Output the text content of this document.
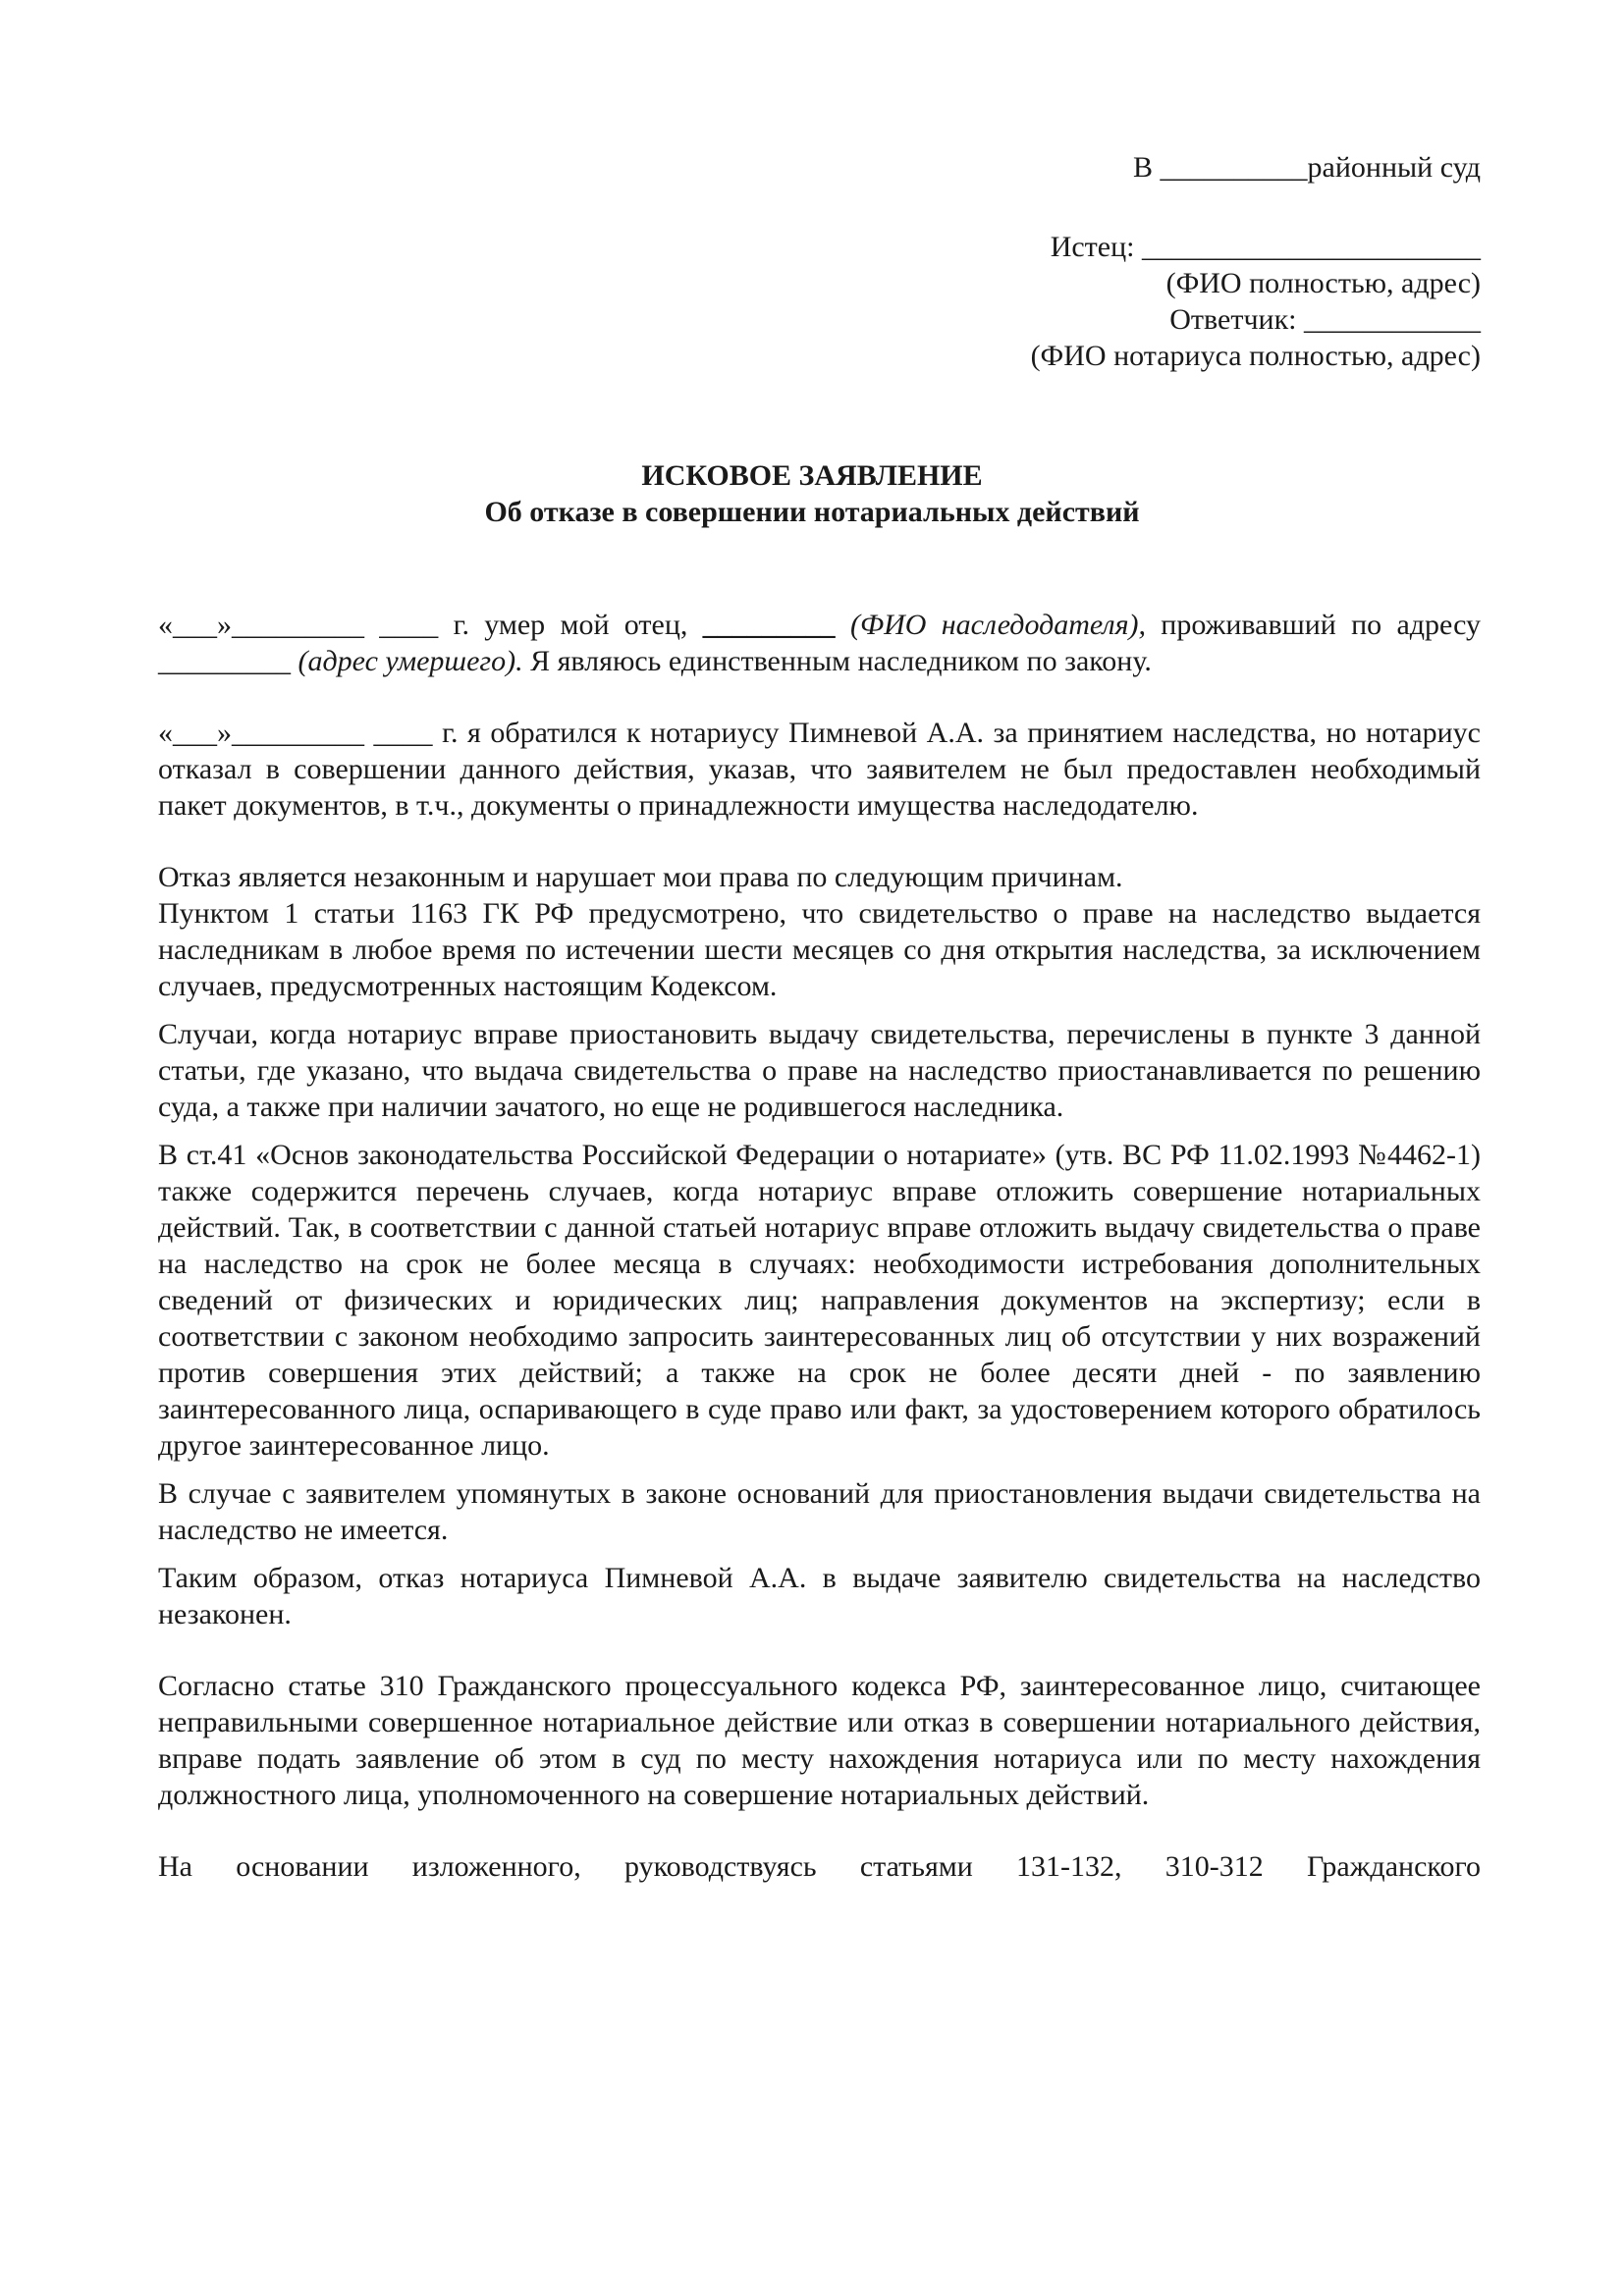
В __________районный суд
Истец: _______________________
(ФИО полностью, адрес)
Ответчик: ____________
(ФИО нотариуса полностью, адрес)
ИСКОВОЕ ЗАЯВЛЕНИЕ
Об отказе в совершении нотариальных действий

«___»_________ ____ г. умер мой отец, _________ (ФИО наследодателя), проживавший по адресу _________ (адрес умершего). Я являюсь единственным наследником по закону.

«___»_________ ____ г. я обратился к нотариусу Пимневой А.А. за принятием наследства, но нотариус отказал в совершении данного действия, указав, что заявителем не был предоставлен необходимый пакет документов, в т.ч., документы о принадлежности имущества наследодателю.

Отказ является незаконным и нарушает мои права по следующим причинам.

Пунктом 1 статьи 1163 ГК РФ предусмотрено, что свидетельство о праве на наследство выдается наследникам в любое время по истечении шести месяцев со дня открытия наследства, за исключением случаев, предусмотренных настоящим Кодексом.

Случаи, когда нотариус вправе приостановить выдачу свидетельства, перечислены в пункте 3 данной статьи, где указано, что выдача свидетельства о праве на наследство приостанавливается по решению суда, а также при наличии зачатого, но еще не родившегося наследника.

В ст.41 «Основ законодательства Российской Федерации о нотариате» (утв. ВС РФ 11.02.1993 №4462-1) также содержится перечень случаев, когда нотариус вправе отложить совершение нотариальных действий. Так, в соответствии с данной статьей нотариус вправе отложить выдачу свидетельства о праве на наследство на срок не более месяца в случаях: необходимости истребования дополнительных сведений от физических и юридических лиц; направления документов на экспертизу; если в соответствии с законом необходимо запросить заинтересованных лиц об отсутствии у них возражений против совершения этих действий; а также на срок не более десяти дней - по заявлению заинтересованного лица, оспаривающего в суде право или факт, за удостоверением которого обратилось другое заинтересованное лицо.

В случае с заявителем упомянутых в законе оснований для приостановления выдачи свидетельства на наследство не имеется.

Таким образом, отказ нотариуса Пимневой А.А. в выдаче заявителю свидетельства на наследство незаконен.

Согласно статье 310 Гражданского процессуального кодекса РФ, заинтересованное лицо, считающее неправильными совершенное нотариальное действие или отказ в совершении нотариального действия, вправе подать заявление об этом в суд по месту нахождения нотариуса или по месту нахождения должностного лица, уполномоченного на совершение нотариальных действий.

На основании изложенного, руководствуясь статьями 131-132, 310-312 Гражданского
